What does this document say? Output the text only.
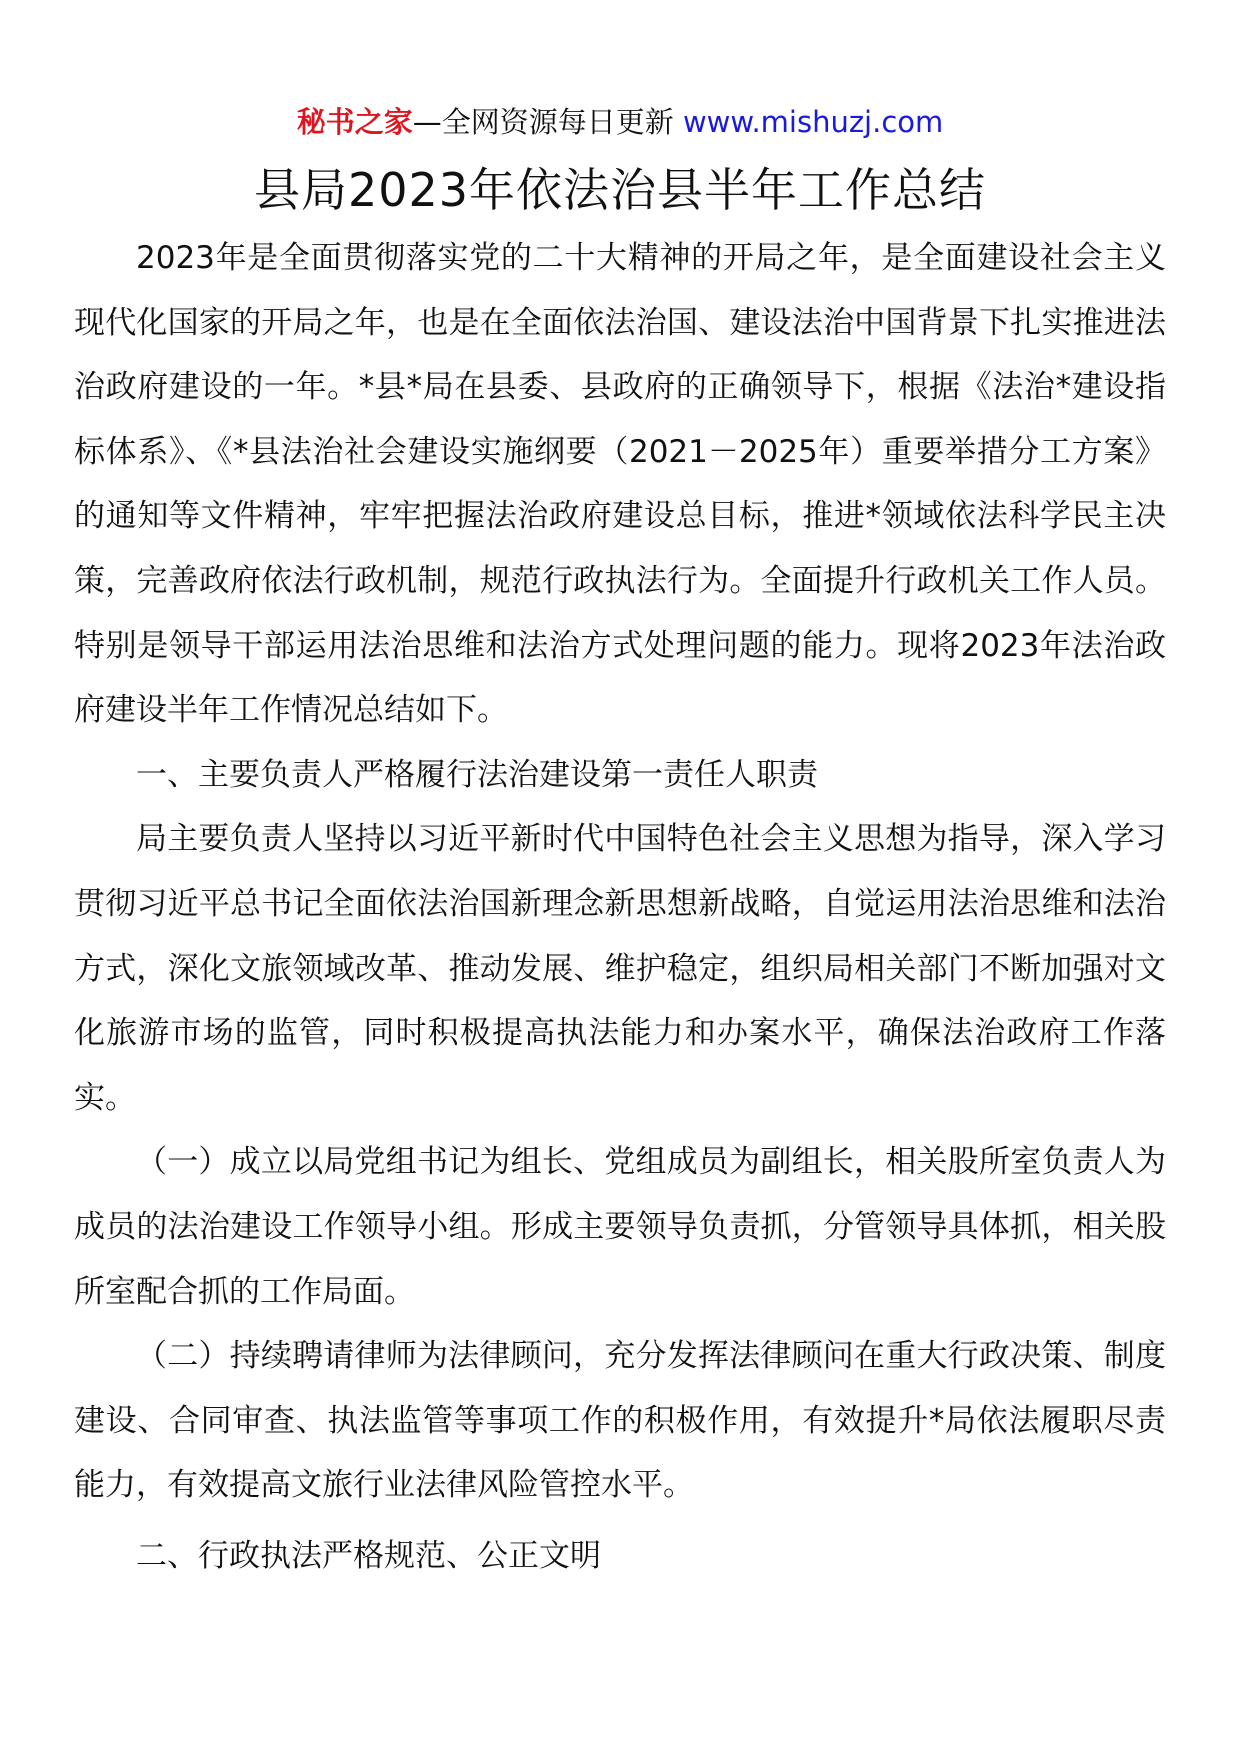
秘书之家—全网资源每日更新 www.mishuzj.com
县局2023年依法治县半年工作总结

2023年是全面贯彻落实党的二十大精神的开局之年，是全面建设社会主义现代化国家的开局之年，也是在全面依法治国、建设法治中国背景下扎实推进法治政府建设的一年。*县*局在县委、县政府的正确领导下，根据《法治*建设指标体系》、《*县法治社会建设实施纲要（2021－2025年）重要举措分工方案》的通知等文件精神，牢牢把握法治政府建设总目标，推进*领域依法科学民主决策，完善政府依法行政机制，规范行政执法行为。全面提升行政机关工作人员。特别是领导干部运用法治思维和法治方式处理问题的能力。现将2023年法治政府建设半年工作情况总结如下。

一、主要负责人严格履行法治建设第一责任人职责

局主要负责人坚持以习近平新时代中国特色社会主义思想为指导，深入学习贯彻习近平总书记全面依法治国新理念新思想新战略，自觉运用法治思维和法治方式，深化文旅领域改革、推动发展、维护稳定，组织局相关部门不断加强对文化旅游市场的监管，同时积极提高执法能力和办案水平，确保法治政府工作落实。

（一）成立以局党组书记为组长、党组成员为副组长，相关股所室负责人为成员的法治建设工作领导小组。形成主要领导负责抓，分管领导具体抓，相关股所室配合抓的工作局面。

（二）持续聘请律师为法律顾问，充分发挥法律顾问在重大行政决策、制度建设、合同审查、执法监管等事项工作的积极作用，有效提升*局依法履职尽责能力，有效提高文旅行业法律风险管控水平。

二、行政执法严格规范、公正文明
